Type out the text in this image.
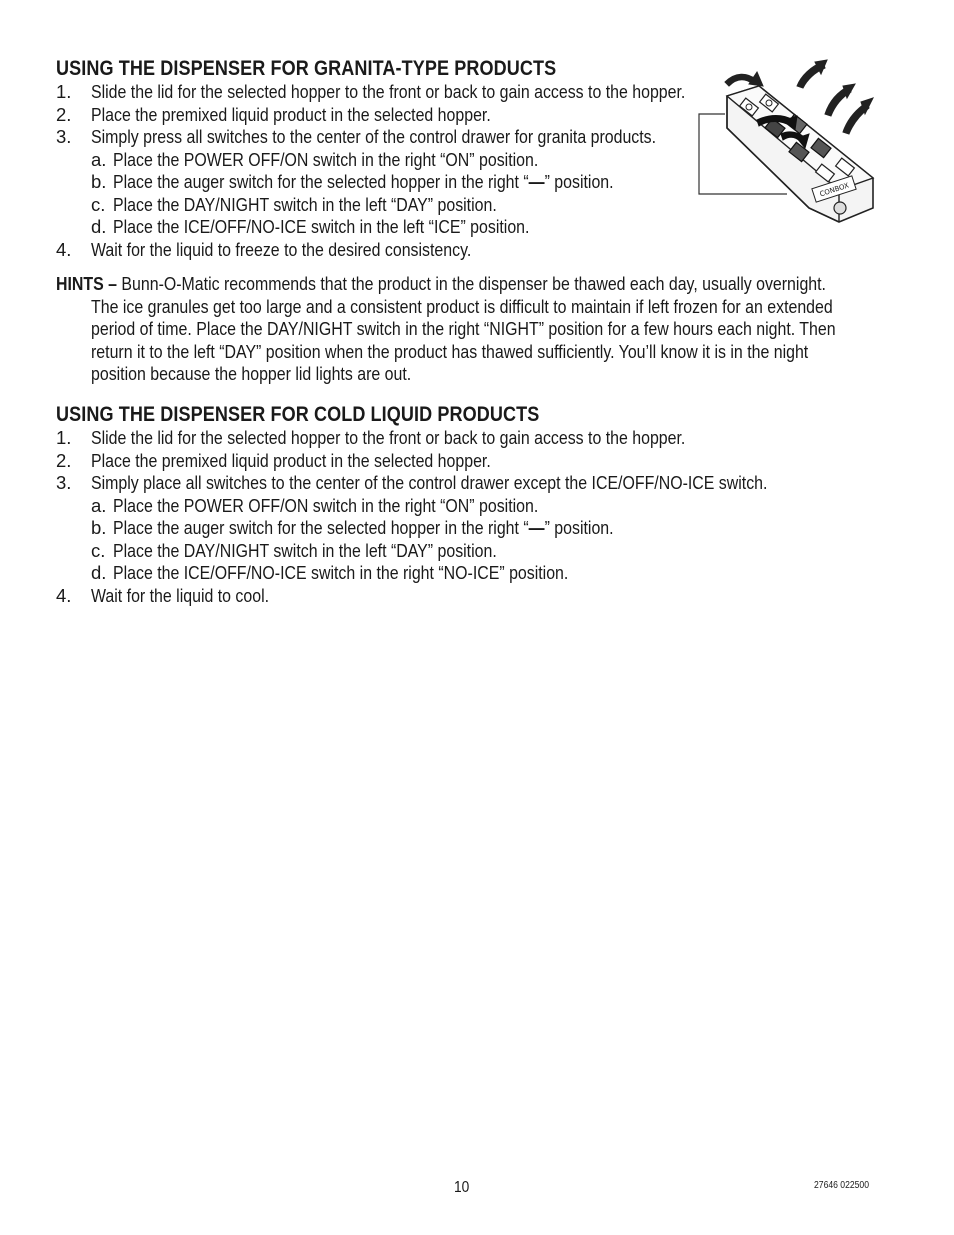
USING THE DISPENSER FOR GRANITA-TYPE PRODUCTS
1. Slide the lid for the selected hopper to the front or back to gain access to the hopper.
2. Place the premixed liquid product in the selected hopper.
3. Simply press all switches to the center of the control drawer for granita products.
a. Place the POWER OFF/ON switch in the right “ON” position.
b. Place the auger switch for the selected hopper in the right “—” position.
c. Place the DAY/NIGHT switch in the left “DAY” position.
d. Place the ICE/OFF/NO-ICE switch in the left “ICE” position.
4. Wait for the liquid to freeze to the desired consistency.
HINTS – Bunn-O-Matic recommends that the product in the dispenser be thawed each day, usually overnight.
The ice granules get too large and a consistent product is difficult to maintain if left frozen for an extended
period of time. Place the DAY/NIGHT switch in the right “NIGHT” position for a few hours each night. Then
return it to the left “DAY” position when the product has thawed sufficiently. You’ll know it is in the night
position because the hopper lid lights are out.
USING THE DISPENSER FOR COLD LIQUID PRODUCTS
1. Slide the lid for the selected hopper to the front or back to gain access to the hopper.
2. Place the premixed liquid product in the selected hopper.
3. Simply place all switches to the center of the control drawer except the ICE/OFF/NO-ICE switch.
a. Place the POWER OFF/ON switch in the right “ON” position.
b. Place the auger switch for the selected hopper in the right “—” position.
c. Place the DAY/NIGHT switch in the left “DAY” position.
d. Place the ICE/OFF/NO-ICE switch in the right “NO-ICE” position.
4. Wait for the liquid to cool.
CONBOX
10	27646 022500
